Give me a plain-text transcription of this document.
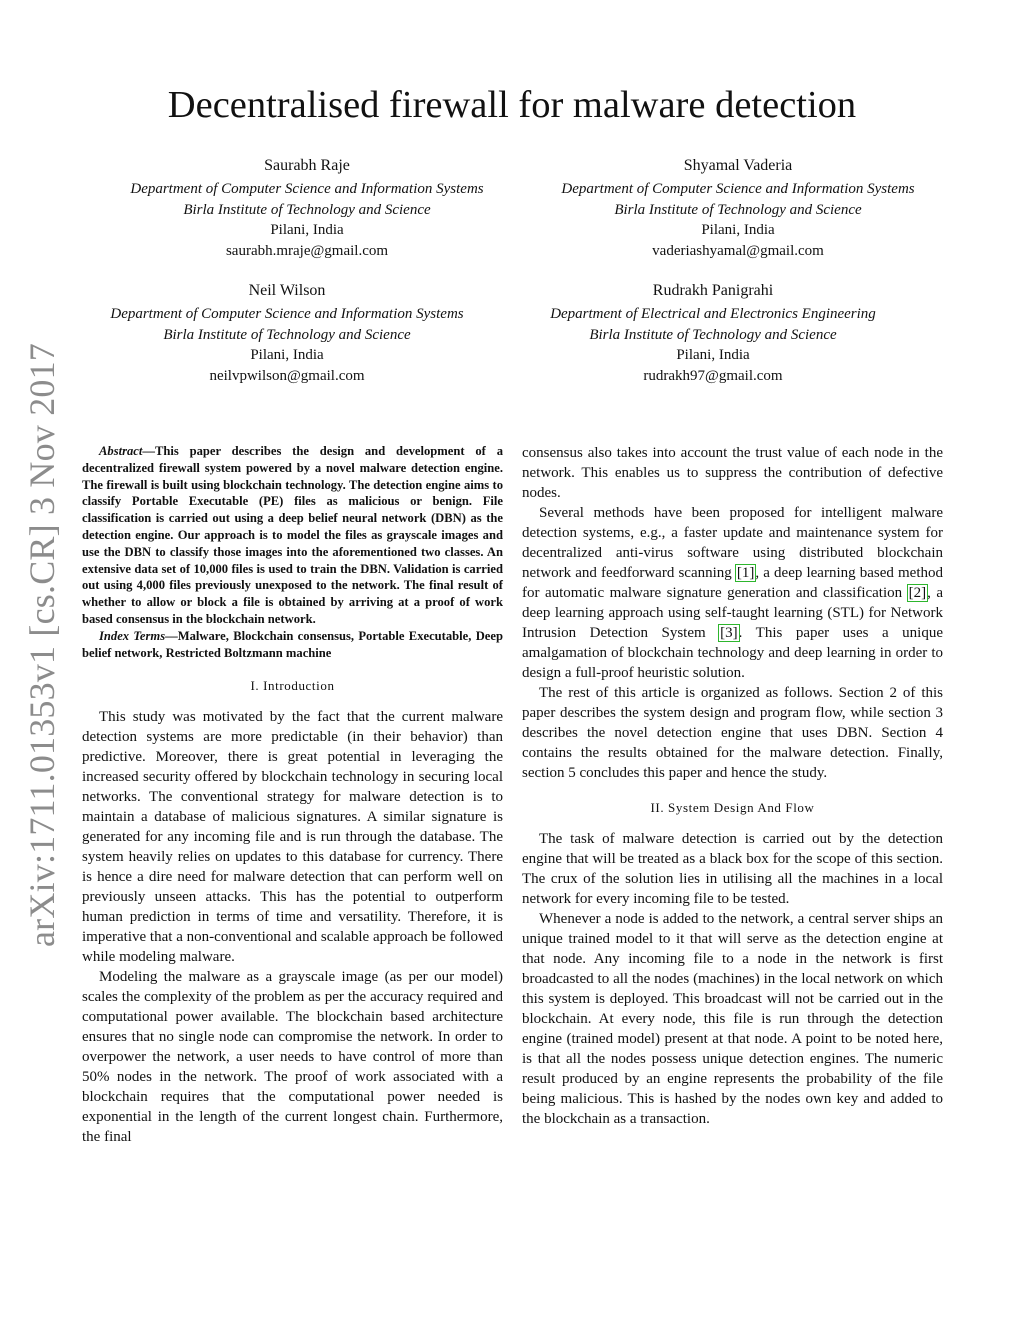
arXiv:1711.01353v1 [cs.CR] 3 Nov 2017
Decentralised firewall for malware detection
Saurabh Raje
Department of Computer Science and Information Systems
Birla Institute of Technology and Science
Pilani, India
saurabh.mraje@gmail.com
Shyamal Vaderia
Department of Computer Science and Information Systems
Birla Institute of Technology and Science
Pilani, India
vaderiashyamal@gmail.com
Neil Wilson
Department of Computer Science and Information Systems
Birla Institute of Technology and Science
Pilani, India
neilvpwilson@gmail.com
Rudrakh Panigrahi
Department of Electrical and Electronics Engineering
Birla Institute of Technology and Science
Pilani, India
rudrakh97@gmail.com

Abstract—This paper describes the design and development of a decentralized firewall system powered by a novel malware detection engine. The firewall is built using blockchain technology. The detection engine aims to classify Portable Executable (PE) files as malicious or benign. File classification is carried out using a deep belief neural network (DBN) as the detection engine. Our approach is to model the files as grayscale images and use the DBN to classify those images into the aforementioned two classes. An extensive data set of 10,000 files is used to train the DBN. Validation is carried out using 4,000 files previously unexposed to the network. The final result of whether to allow or block a file is obtained by arriving at a proof of work based consensus in the blockchain network.

Index Terms—Malware, Blockchain consensus, Portable Executable, Deep belief network, Restricted Boltzmann machine

I. Introduction

This study was motivated by the fact that the current malware detection systems are more predictable (in their behavior) than predictive. Moreover, there is great potential in leveraging the increased security offered by blockchain technology in securing local networks. The conventional strategy for malware detection is to maintain a database of malicious signatures. A similar signature is generated for any incoming file and is run through the database. The system heavily relies on updates to this database for currency. There is hence a dire need for malware detection that can perform well on previously unseen attacks. This has the potential to outperform human prediction in terms of time and versatility. Therefore, it is imperative that a non-conventional and scalable approach be followed while modeling malware.

Modeling the malware as a grayscale image (as per our model) scales the complexity of the problem as per the accuracy required and computational power available. The blockchain based architecture ensures that no single node can compromise the network. In order to overpower the network, a user needs to have control of more than 50% nodes in the network. The proof of work associated with a blockchain requires that the computational power needed is exponential in the length of the current longest chain. Furthermore, the final

consensus also takes into account the trust value of each node in the network. This enables us to suppress the contribution of defective nodes.

Several methods have been proposed for intelligent malware detection systems, e.g., a faster update and maintenance system for decentralized anti-virus software using distributed blockchain network and feedforward scanning [1], a deep learning based method for automatic malware signature generation and classification [2], a deep learning approach using self-taught learning (STL) for Network Intrusion Detection System [3]. This paper uses a unique amalgamation of blockchain technology and deep learning in order to design a full-proof heuristic solution.

The rest of this article is organized as follows. Section 2 of this paper describes the system design and program flow, while section 3 describes the novel detection engine that uses DBN. Section 4 contains the results obtained for the malware detection. Finally, section 5 concludes this paper and hence the study.

II. System Design And Flow

The task of malware detection is carried out by the detection engine that will be treated as a black box for the scope of this section. The crux of the solution lies in utilising all the machines in a local network for every incoming file to be tested.

Whenever a node is added to the network, a central server ships an unique trained model to it that will serve as the detection engine at that node. Any incoming file to a node in the network is first broadcasted to all the nodes (machines) in the local network on which this system is deployed. This broadcast will not be carried out in the blockchain. At every node, this file is run through the detection engine (trained model) present at that node. A point to be noted here, is that all the nodes possess unique detection engines. The numeric result produced by an engine represents the probability of the file being malicious. This is hashed by the nodes own key and added to the blockchain as a transaction.
